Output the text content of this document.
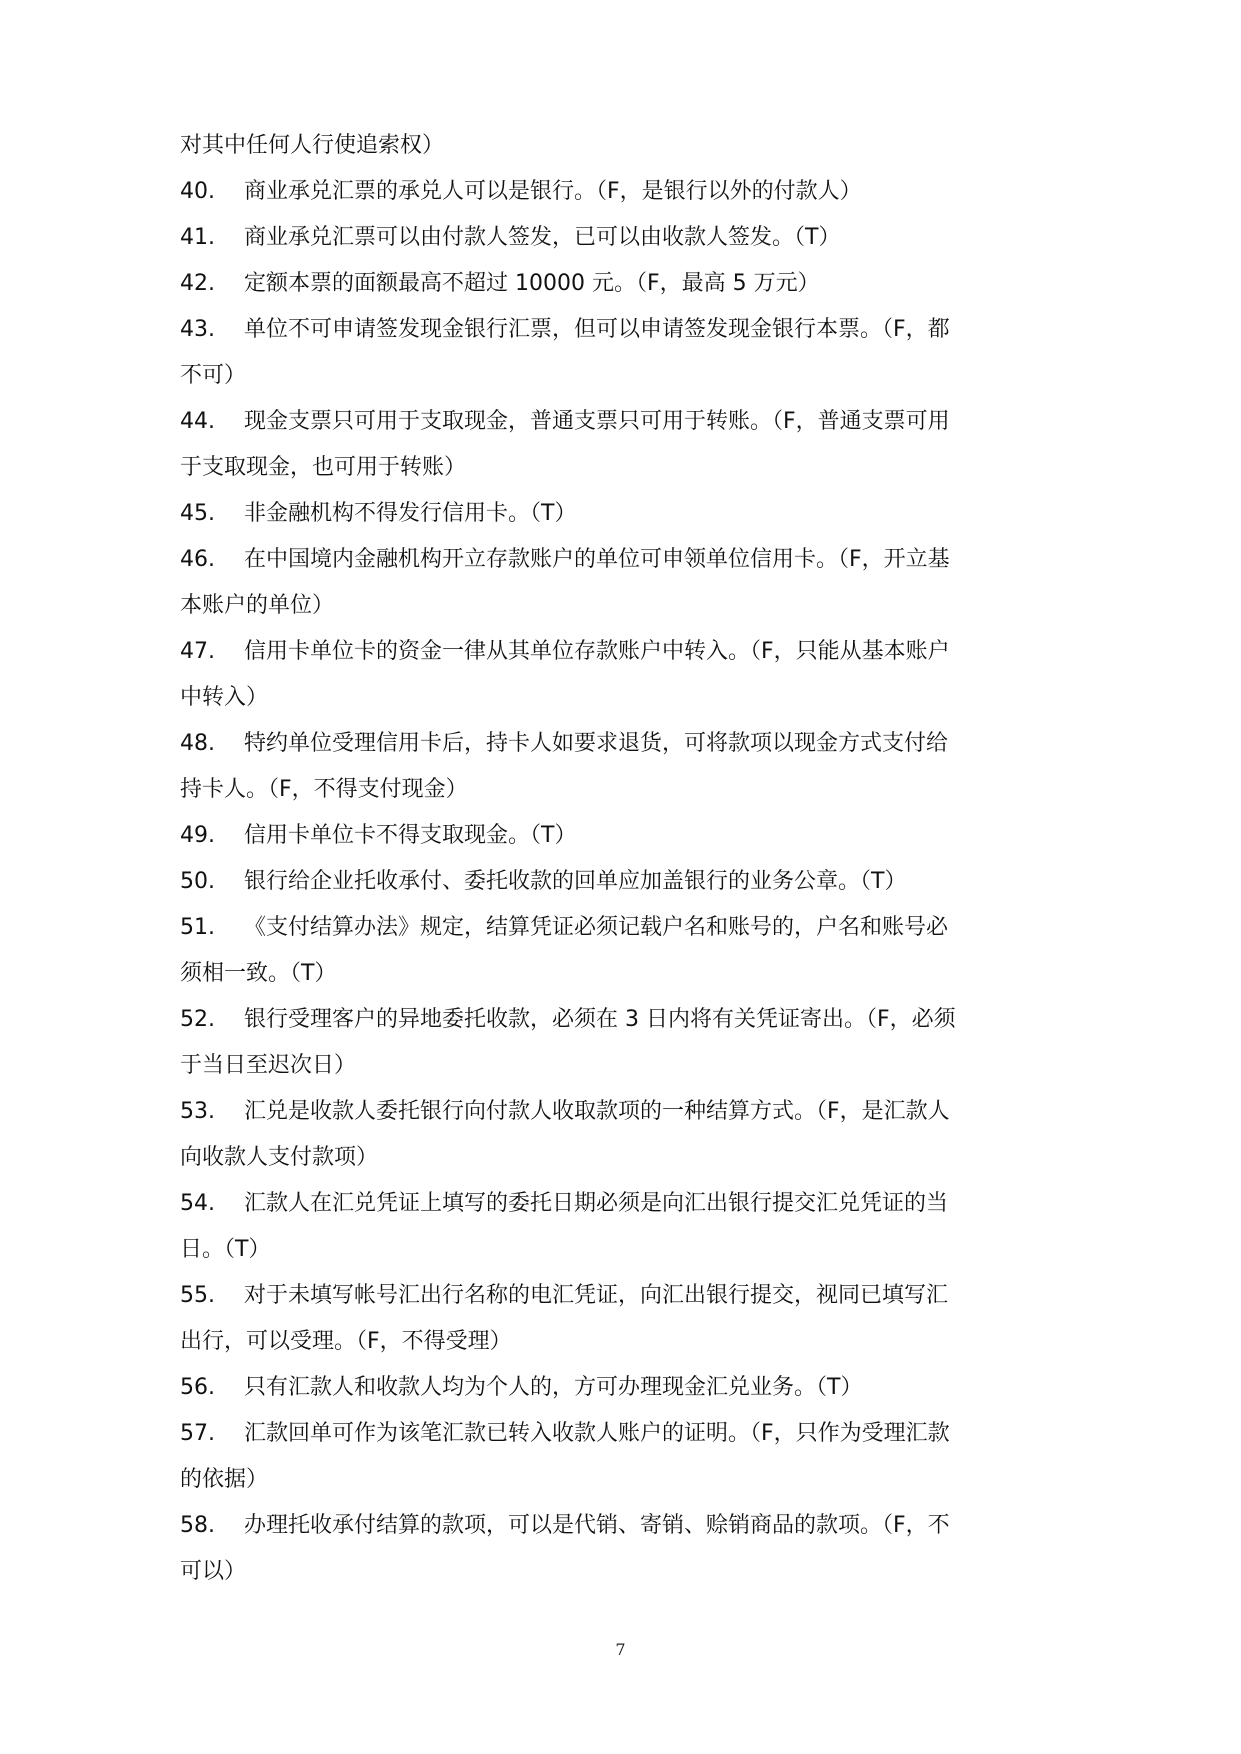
对其中任何人行使追索权）
40. 商业承兑汇票的承兑人可以是银行。（F，是银行以外的付款人）
41. 商业承兑汇票可以由付款人签发，已可以由收款人签发。（T）
42. 定额本票的面额最高不超过 10000 元。（F，最高 5 万元）
43. 单位不可申请签发现金银行汇票，但可以申请签发现金银行本票。（F，都
不可）
44. 现金支票只可用于支取现金，普通支票只可用于转账。（F，普通支票可用
于支取现金，也可用于转账）
45. 非金融机构不得发行信用卡。（T）
46. 在中国境内金融机构开立存款账户的单位可申领单位信用卡。（F，开立基
本账户的单位）
47. 信用卡单位卡的资金一律从其单位存款账户中转入。（F，只能从基本账户
中转入）
48. 特约单位受理信用卡后，持卡人如要求退货，可将款项以现金方式支付给
持卡人。（F，不得支付现金）
49. 信用卡单位卡不得支取现金。（T）
50. 银行给企业托收承付、委托收款的回单应加盖银行的业务公章。（T）
51. 《支付结算办法》规定，结算凭证必须记载户名和账号的，户名和账号必
须相一致。（T）
52. 银行受理客户的异地委托收款，必须在 3 日内将有关凭证寄出。（F，必须
于当日至迟次日）
53. 汇兑是收款人委托银行向付款人收取款项的一种结算方式。（F，是汇款人
向收款人支付款项）
54. 汇款人在汇兑凭证上填写的委托日期必须是向汇出银行提交汇兑凭证的当
日。（T）
55. 对于未填写帐号汇出行名称的电汇凭证，向汇出银行提交，视同已填写汇
出行，可以受理。（F，不得受理）
56. 只有汇款人和收款人均为个人的，方可办理现金汇兑业务。（T）
57. 汇款回单可作为该笔汇款已转入收款人账户的证明。（F，只作为受理汇款
的依据）
58. 办理托收承付结算的款项，可以是代销、寄销、赊销商品的款项。（F，不
可以）
7
